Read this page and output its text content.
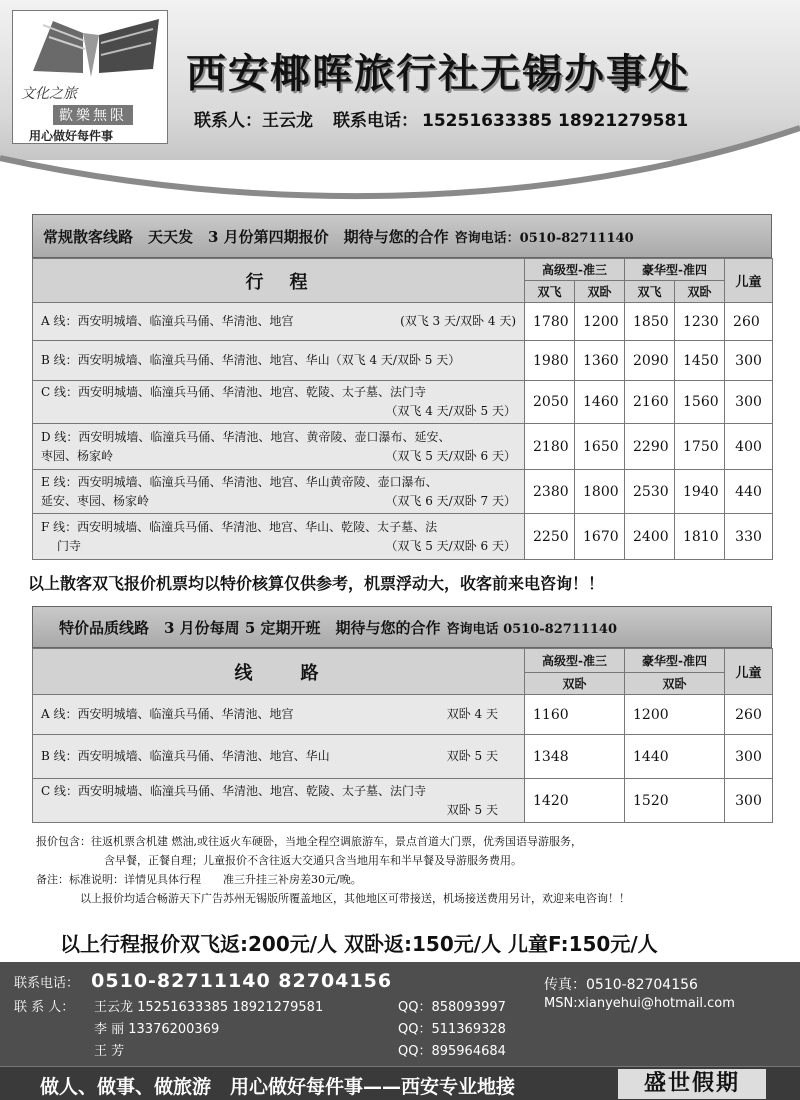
文化之旅
歡樂無限
用心做好每件事
西安椰晖旅行社无锡办事处
联系人：王云龙 联系电话： 15251633385 18921279581
常规散客线路　天天发　3 月份第四期报价　期待与您的合作 咨询电话：0510-82711140
行　程	高级型-准三		豪华型-准四		儿童
	双飞	双卧	双飞	双卧	
A 线：西安明城墙、临潼兵马俑、华清池、地宫 (双飞 3 天/双卧 4 天)	1780	1200	1850	1230	260
B 线：西安明城墙、临潼兵马俑、华清池、地宫、华山（双飞 4 天/双卧 5 天）	1980	1360	2090	1450	300
C 线：西安明城墙、临潼兵马俑、华清池、地宫、乾陵、太子墓、法门寺
（双飞 4 天/双卧 5 天）	2050	1460	2160	1560	300
D 线：西安明城墙、临潼兵马俑、华清池、地宫、黄帝陵、壶口瀑布、延安、
枣园、杨家岭 （双飞 5 天/双卧 6 天）	2180	1650	2290	1750	400
E 线：西安明城墙、临潼兵马俑、华清池、地宫、华山黄帝陵、壶口瀑布、
延安、枣园、杨家岭 （双飞 6 天/双卧 7 天）	2380	1800	2530	1940	440
F 线：西安明城墙、临潼兵马俑、华清池、地宫、华山、乾陵、太子墓、法
门寺 （双飞 5 天/双卧 6 天）	2250	1670	2400	1810	330
以上散客双飞报价机票均以特价核算仅供参考，机票浮动大，收客前来电咨询！！
特价品质线路　3 月份每周 5 定期开班　期待与您的合作 咨询电话 0510-82711140
线　　路	高级型-准三	豪华型-准四	儿童
	双卧	双卧	
A 线：西安明城墙、临潼兵马俑、华清池、地宫 双卧 4 天	1160	1200	260
B 线：西安明城墙、临潼兵马俑、华清池、地宫、华山 双卧 5 天	1348	1440	300
C 线：西安明城墙、临潼兵马俑、华清池、地宫、乾陵、太子墓、法门寺
双卧 5 天	1420	1520	300

报价包含：往返机票含机建 燃油,或往返火车硬卧，当地全程空调旅游车，景点首道大门票，优秀国语导游服务，

含早餐，正餐自理；儿童报价不含往返大交通只含当地用车和半早餐及导游服务费用。

备注：标准说明：详情见具体行程　　准三升挂三补房差30元/晚。

以上报价均适合畅游天下广告苏州无锡版所覆盖地区，其他地区可带接送，机场接送费用另计，欢迎来电咨询！！

以上行程报价双飞返:200元/人 双卧返:150元/人 儿童F:150元/人
联系电话： 0510-82711140 82704156	传真：0510-82704156
联 系 人： 王云龙 15251633385 18921279581	QQ：858093997	MSN:xianyehui@hotmail.com
李 丽 13376200369	QQ：511369328
王 芳	QQ：895964684
做人、做事、做旅游　用心做好每件事——西安专业地接	盛世假期
